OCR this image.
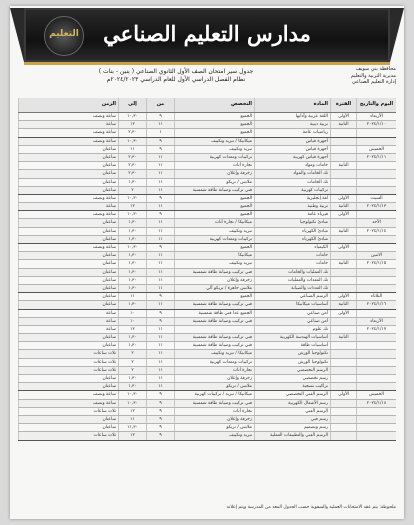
التعليم	مدارس التعليم الصناعي
محافظة بني سويف
مديرية التربية والتعليم
إدارة التعليم الصناعي
جدول سير امتحان الصف الأول الثانوي الصناعي ( بنين - بنات )
نظام الفصل الدراسي الأول للعام الدراسي ٢٠٢٤/٢٠٢٣م
اليوم والتاريخ
الفترة
المادة
التخصص
من
إلى
الزمن
الأربعاء
الأولى
اللغة عربية وآدابها
الجميع
٩
١٠,٣٠
ساعة ونصف
٢٠٢٤/١/١٠
الثانية
تربية دينية
الجميع
١١
١٢
ساعة
رياضيات عامة
الجميع
١
٢,٣٠
ساعة ونصف
أجهزة قياس
ميكانيكا / تبريد وتكييف
٩
١٠,٣٠
ساعة ونصف
الخميس
أجهزة قياس
تبريد وتكييف
٩
١١
ساعتان
٢٠٢٤/١/١١
أجهزة قياس كهربية
تركيبات ومعدات كهربية
١١
٢,٣٠
ساعتان
الثانية
خامات ومواد
نجارة أثاث
١١
٢,٣٠
ساعتان
تك الخامات والمواد
زخرفة وإعلان
١١
٢,٣٠
ساعتان
تك الخامات
ملابس / تريكو
١١
١,٣٠
ساعتان
تركيبات كهربية
فني تركيب وصيانة طاقة شمسية
١١
٢
ساعتان
السبت
الأولى
لغة إنجليزية
الجميع
٩
١٠,٣٠
ساعة ونصف
٢٠٢٤/١/١٣
الثانية
تربية وطنية
الجميع
١١
١٢
ساعة
الأولى
فيزياء عامة
الجميع
٩
١٠,٣٠
ساعة ونصف
الأحد
مبادئ تكنولوجيا
ميكانيكا / نجارة أثاث
١١
١,٣٠
ساعتان
٢٠٢٤/١/١٤
الثانية
مبادئ الكهرباء
تبريد وتكييف
١١
١,٣٠
ساعتان
مبادئ الكهرباء
تركيبات ومعدات كهربية
١١
١,٣٠
ساعتان
الأولى
الكيمياء
الجميع
٩
١٠,٣٠
ساعة ونصف
الاثنين
خامات
ميكانيكا
١١
١,٣٠
ساعتان
٢٠٢٤/١/١٥
الثانية
خامات
تبريد وتكييف
١١
١,٣٠
ساعتان
تك العمليات والخامات
فني تركيب وصيانة طاقة شمسية
١١
١,٣٠
ساعتان
تك المعدات والعمليات
زخرفة وإعلان
١١
١,٣٠
ساعتان
تك العددات والصيانة
ملابس جاهزة / تريكو آلي
١١
١,٣٠
ساعتان
الثلاثاء
الأولى
الرسم الصناعي
الجميع
٩
١١
ساعتان
٢٠٢٤/١/١٦
الثانية
أساسيات ميكانيكا
فني تركيب وصيانة طاقة شمسية
١١
١,٣٠
ساعتان
الأولى
أمن صناعي
الجميع عدا فني طاقة شمسية
٩
١٠
ساعة
الأربعاء
أمن صناعي
فني تركيب وصيانة طاقة شمسية
٩
١٠
ساعة
٢٠٢٤/١/١٧
تك علوم
١١
١٢
ساعة
الثانية
أساسيات الهندسة الكهربية
فني تركيب وصيانة طاقة شمسية
١١
١,٣٠
ساعتان
أساسيات طاقة
فني تركيب وصيانة طاقة شمسية
١١
١,٣٠
ساعتان
تكنولوجيا الورش
ميكانيكا / تبريد وتكييف
١١
٢
ثلاث ساعات
تكنولوجيا الورش
تركيبات ومعدات كهربية
١١
٢
ثلاث ساعات
الرسم التخصصي
نجارة أثاث
١١
٢
ثلاث ساعات
رسم تخصصي
زخرفة وإعلان
١١
١,٣٠
ساعتان
تراكيب نسجية
ملابس / تريكو
١١
١,٣٠
ساعتان
الخميس
الأولى
الرسم الفني التخصصي
ميكانيكا / تبريد / تركيبات كهربية
٩
١٠,٣٠
ساعة ونصف
٢٠٢٤/١/١٨
رسم الأشغال الكهربية
فني تركيب وصيانة طاقة شمسية
٩
١٠,٣٠
ساعة ونصف
الرسم الفني
نجارة أثاث
٩
١٢
ثلاث ساعات
رسم فني
زخرفة وإعلان
٩
١١
ساعتان
رسم وتصميم
ملابس / تريكو
٩
١١,٣٠
ساعتان
الرسم الفني والتطبيقات العملية
تبريد وتكييف
٩
١٢
ثلاث ساعات
ملحوظة: يتم عقد الامتحانات العملية والشفوية حسب الجدول المعد من المدرسة ويتم إعلانه
